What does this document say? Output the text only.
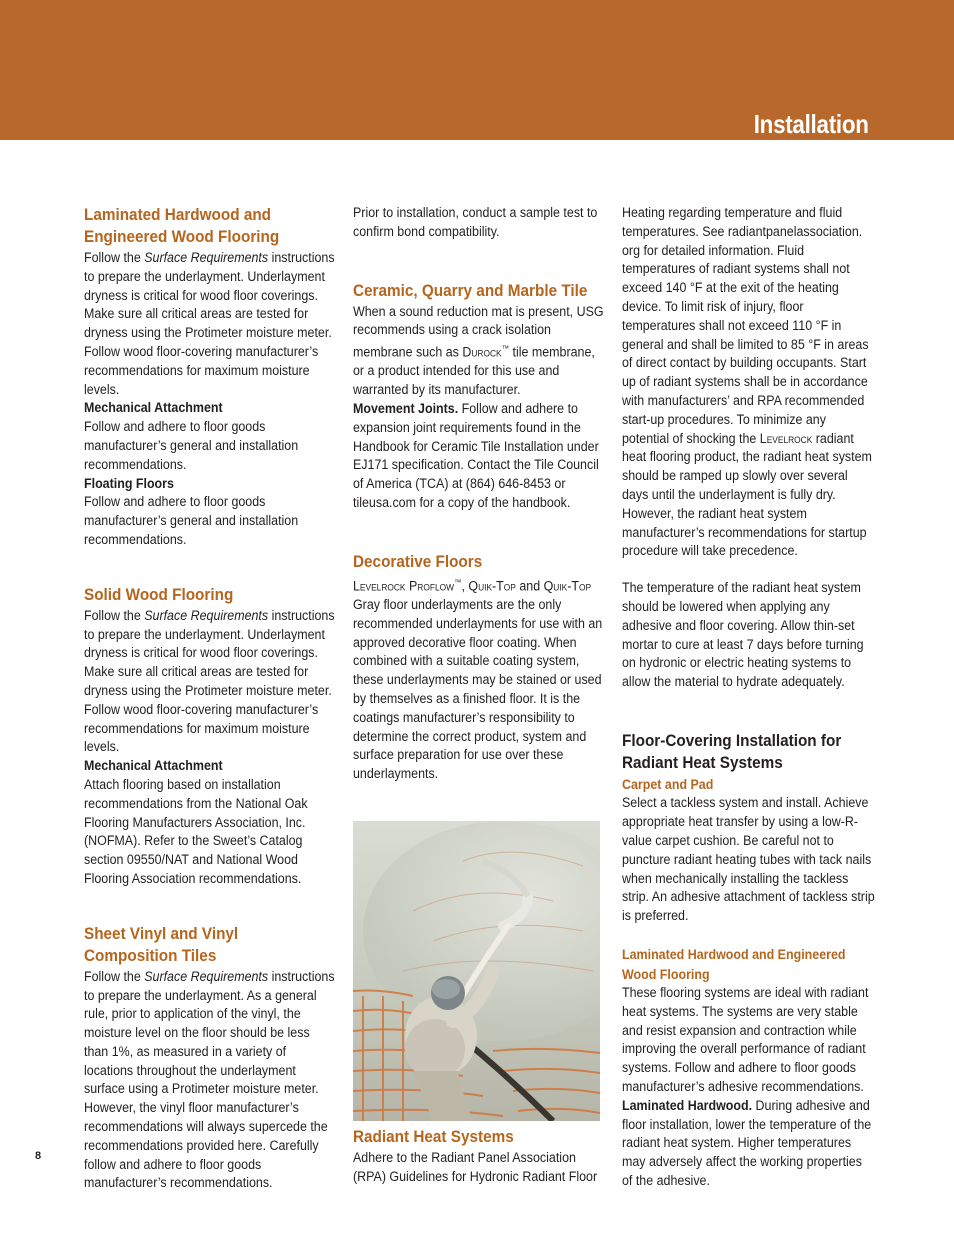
Installation
Laminated Hardwood and
Engineered Wood Flooring

Follow the Surface Requirements instructions to prepare the underlayment. Underlayment dryness is critical for wood floor coverings. Make sure all critical areas are tested for dryness using the Protimeter moisture meter. Follow wood floor-covering manufacturer’s recommendations for maximum moisture levels.

Mechanical Attachment

Follow and adhere to floor goods manufacturer’s general and installation recommendations.

Floating Floors

Follow and adhere to floor goods manufacturer’s general and installation recommendations.

Solid Wood Flooring

Follow the Surface Requirements instructions to prepare the underlayment. Underlayment dryness is critical for wood floor coverings. Make sure all critical areas are tested for dryness using the Protimeter moisture meter. Follow wood floor-covering manufacturer’s recommendations for maximum moisture levels.

Mechanical Attachment

Attach flooring based on installation recommendations from the National Oak Flooring Manufacturers Association, Inc. (NOFMA). Refer to the Sweet’s Catalog section 09550/NAT and National Wood Flooring Association recommendations.

Sheet Vinyl and Vinyl
Composition Tiles

Follow the Surface Requirements instructions to prepare the underlayment. As a general rule, prior to application of the vinyl, the moisture level on the floor should be less than 1%, as measured in a variety of locations throughout the underlayment surface using a Protimeter moisture meter. However, the vinyl floor manufacturer’s recommendations will always supercede the recommendations provided here. Carefully follow and adhere to floor goods manufacturer’s recommendations.

Prior to installation, conduct a sample test to confirm bond compatibility.

Ceramic, Quarry and Marble Tile

When a sound reduction mat is present, USG recommends using a crack isolation membrane such as Durock™ tile membrane, or a product intended for this use and warranted by its manufacturer.

Movement Joints. Follow and adhere to expansion joint requirements found in the Handbook for Ceramic Tile Installation under EJ171 specification. Contact the Tile Council of America (TCA) at (864) 646-8453 or tileusa.com for a copy of the handbook.

Decorative Floors

Levelrock Proflow™, Quik-Top and Quik-Top Gray floor underlayments are the only recommended underlayments for use with an approved decorative floor coating. When combined with a suitable coating system, these underlayments may be stained or used by themselves as a finished floor. It is the coatings manufacturer’s responsibility to determine the correct product, system and surface preparation for use over these underlayments.

Radiant Heat Systems

Adhere to the Radiant Panel Association (RPA) Guidelines for Hydronic Radiant Floor

Heating regarding temperature and fluid temperatures. See radiantpanelassociation. org for detailed information. Fluid temperatures of radiant systems shall not exceed 140 °F at the exit of the heating device. To limit risk of injury, floor temperatures shall not exceed 110 °F in general and shall be limited to 85 °F in areas of direct contact by building occupants. Start up of radiant systems shall be in accordance with manufacturers’ and RPA recommended start-up procedures. To minimize any potential of shocking the Levelrock radiant heat flooring product, the radiant heat system should be ramped up slowly over several days until the underlayment is fully dry. However, the radiant heat system manufacturer’s recommendations for startup procedure will take precedence.

The temperature of the radiant heat system should be lowered when applying any adhesive and floor covering. Allow thin-set mortar to cure at least 7 days before turning on hydronic or electric heating systems to allow the material to hydrate adequately.

Floor-Covering Installation for
Radiant Heat Systems
Carpet and Pad

Select a tackless system and install. Achieve appropriate heat transfer by using a low-R-value carpet cushion. Be careful not to puncture radiant heating tubes with tack nails when mechanically installing the tackless strip. An adhesive attachment of tackless strip is preferred.

Laminated Hardwood and Engineered
Wood Flooring

These flooring systems are ideal with radiant heat systems. The systems are very stable and resist expansion and contraction while improving the overall performance of radiant systems. Follow and adhere to floor goods manufacturer’s adhesive recommendations.

Laminated Hardwood. During adhesive and floor installation, lower the temperature of the radiant heat system. Higher temperatures may adversely affect the working properties of the adhesive.

8
